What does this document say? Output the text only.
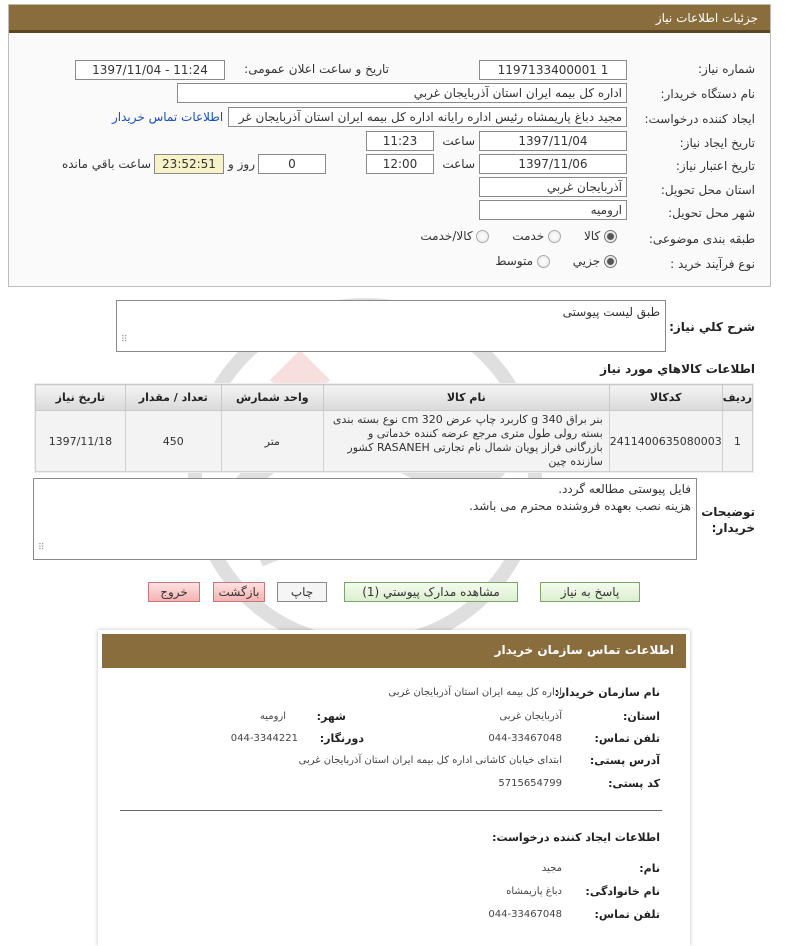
جزئيات اطلاعات نياز
شماره نياز:
1197133400001 1
تاريخ و ساعت اعلان عمومی:
1397/11/04 - 11:24
نام دستگاه خريدار:
اداره کل بيمه ايران استان آذربايجان غربي
ايجاد کننده درخواست:
مجيد دباغ پاريمشاه رئيس اداره رايانه اداره کل بيمه ايران استان آذربايجان غر
اطلاعات تماس خريدار
تاريخ ايجاد نياز:
1397/11/04
ساعت
11:23
تاريخ اعتبار نياز:
1397/11/06
ساعت
12:00
0
روز و
23:52:51
ساعت باقي مانده
استان محل تحويل:
آذربايجان غربي
شهر محل تحويل:
اروميه
طبقه بندی موضوعی:
کالا       خدمت       کالا/خدمت
نوع فرآيند خريد :
جزيي       متوسط
شرح کلي نياز:
طبق ليست پيوستی
⠿
اطلاعات کالاهاي مورد نياز
رديف	کدکالا	نام کالا	واحد شمارش	تعداد / مقدار	تاريخ نياز
1	2411400635080003	بنر براق 340 g کاربرد چاپ عرض 320 cm نوع بسته بندی بسته رولی طول متری مرجع عرضه کننده خدماتی و بازرگانی فراز پويان شمال نام تجارتی RASANEH کشور سازنده چين	متر	450	1397/11/18
توضيحات خريدار:
فايل پيوستی مطالعه گردد.
هزينه نصب بعهده فروشنده محترم می باشد.
⠿
پاسخ به نياز
مشاهده مدارک پيوستي (1)
چاپ
بازگشت
خروج
اطلاعات تماس سازمان خريدار
نام سازمان خريدار:
اداره کل بيمه ايران استان آذربايجان غربی
استان:
آذربايجان غربی
شهر:
اروميه
تلفن تماس:
044-33467048
دورنگار:
044-3344221
آدرس پستی:
ابتدای خيابان کاشانی اداره کل بيمه ايران استان آذربايجان غربی
کد پستی:
5715654799
اطلاعات ايجاد کننده درخواست:
نام:
مجيد
نام خانوادگی:
دباغ پاريمشاه
تلفن تماس:
044-33467048
